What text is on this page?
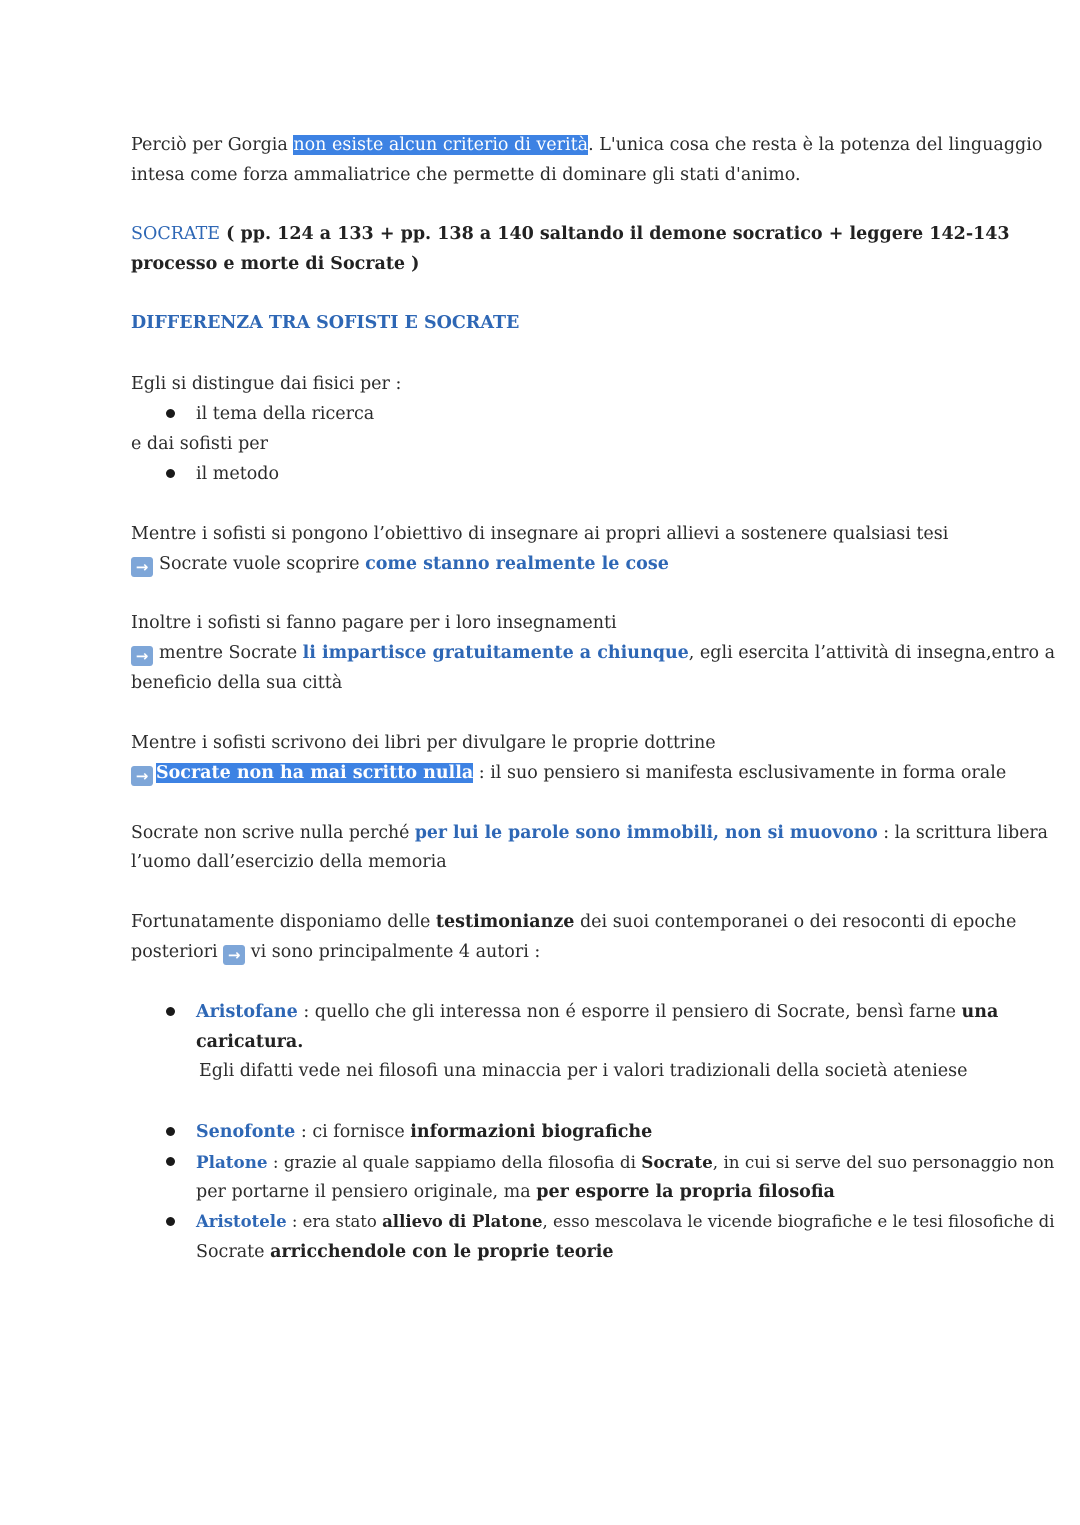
Perciò per Gorgia non esiste alcun criterio di verità. L'unica cosa che resta è la potenza del linguaggio
intesa come forza ammaliatrice che permette di dominare gli stati d'animo.
SOCRATE ( pp. 124 a 133 + pp. 138 a 140 saltando il demone socratico + leggere 142-143
processo e morte di Socrate )
DIFFERENZA TRA SOFISTI E SOCRATE
Egli si distingue dai fisici per :
il tema della ricerca
e dai sofisti per
il metodo
Mentre i sofisti si pongono l’obiettivo di insegnare ai propri allievi a sostenere qualsiasi tesi
→ Socrate vuole scoprire come stanno realmente le cose
Inoltre i sofisti si fanno pagare per i loro insegnamenti
→ mentre Socrate li impartisce gratuitamente a chiunque, egli esercita l’attività di insegna,entro a
beneficio della sua città
Mentre i sofisti scrivono dei libri per divulgare le proprie dottrine
→ Socrate non ha mai scritto nulla : il suo pensiero si manifesta esclusivamente in forma orale
Socrate non scrive nulla perché per lui le parole sono immobili, non si muovono : la scrittura libera
l’uomo dall’esercizio della memoria
Fortunatamente disponiamo delle testimonianze dei suoi contemporanei o dei resoconti di epoche
posteriori → vi sono principalmente 4 autori :
Aristofane : quello che gli interessa non é esporre il pensiero di Socrate, bensì farne una
caricatura.
Egli difatti vede nei filosofi una minaccia per i valori tradizionali della società ateniese
Senofonte : ci fornisce informazioni biografiche
Platone : grazie al quale sappiamo della filosofia di Socrate, in cui si serve del suo personaggio non
per portarne il pensiero originale, ma per esporre la propria filosofia
Aristotele : era stato allievo di Platone, esso mescolava le vicende biografiche e le tesi filosofiche di
Socrate arricchendole con le proprie teorie
